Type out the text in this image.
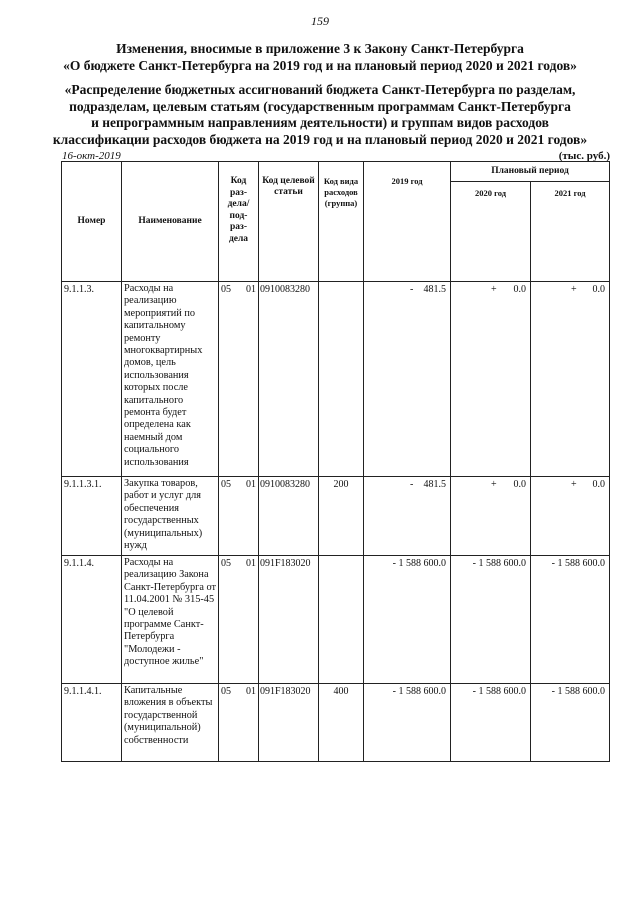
159
Изменения, вносимые в приложение 3 к Закону Санкт-Петербурга
«О бюджете Санкт-Петербурга на 2019 год и на плановый период 2020 и 2021 годов»
«Распределение бюджетных ассигнований бюджета Санкт-Петербурга по разделам,
подразделам, целевым статьям (государственным программам Санкт-Петербурга
и непрограммным направлениям деятельности) и группам видов расходов
классификации расходов бюджета на 2019 год и на плановый период 2020 и 2021 годов»
16-окт-2019	(тыс. руб.)
Номер	Наименование	Код раз- дела/ под- раз- дела	Код целевой статьи	Код вида расходов (группа)	2019 год	Плановый период	
						2020 год	2021 год
9.1.1.3.	Расходы на реализацию мероприятий по капитальному ремонту многоквартирных домов, цель использования которых после капитального ремонта будет определена как наемный дом социального использования	05 01	0910083280		- 481.5	+ 0.0	+ 0.0

9.1.1.3.1.	Закупка товаров, работ и услуг для обеспечения государственных (муниципальных) нужд	05 01	0910083280	200	- 481.5	+ 0.0	+ 0.0

9.1.1.4.	Расходы на реализацию Закона Санкт-Петербурга от 11.04.2001 № 315-45 "О целевой программе Санкт-Петербурга "Молодежи - доступное жилье"	05 01	091F183020		- 1 588 600.0	- 1 588 600.0	- 1 588 600.0
9.1.1.4.1.	Капитальные вложения в объекты государственной (муниципальной) собственности	05 01	091F183020	400	- 1 588 600.0	- 1 588 600.0	- 1 588 600.0
